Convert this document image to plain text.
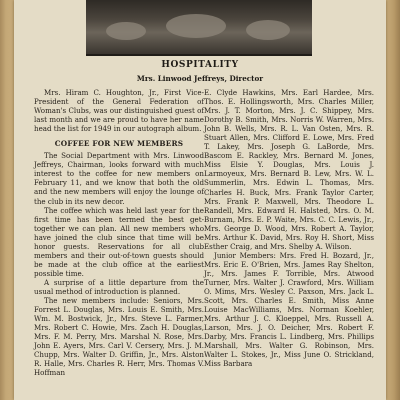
HOSPITALITY
Mrs. Linwood Jeffreys, Director

Mrs. Hiram C. Houghton, Jr., First Vice-President of the General Federation of Woman's Clubs, was our distinguished guest of last month and we are proud to have her name head the list for 1949 in our autograph album.

COFFEE FOR NEW MEMBERS

The Social Department with Mrs. Linwood Jeffreys, Chairman, looks forward with much interest to the coffee for new members on February 11, and we know that both the old and the new members will enjoy the lounge of the club in its new decor.

The coffee which was held last year for the first time has been termed the best get-together we can plan. All new members who have joined the club since that time will be honor guests. Reservations for all club members and their out-of-town guests should be made at the club office at the earliest possible time.

A surprise of a little departure from the usual method of introduction is planned.

The new members include: Seniors, Mrs. Forrest L. Douglas, Mrs. Louis E. Smith, Mrs. Wm. M. Bostwick, Jr., Mrs. Steve L. Farmer, Mrs. Robert C. Howie, Mrs. Zach H. Douglas, Mrs. F. M. Perry, Mrs. Marshal N. Rose, Mrs. John E. Ayers, Mrs. Carl V. Cersery, Mrs. J. M. Chupp, Mrs. Walter D. Griffin, Jr., Mrs. Alston R. Halle, Mrs. Charles R. Herr, Mrs. Thomas V. Hoffman

E. Clyde Hawkins, Mrs. Earl Hardee, Mrs. Thos. E. Hollingsworth, Mrs. Charles Miller, Mrs. J. T. Morton, Mrs. J. C. Shippey, Mrs. Dorothy B. Smith, Mrs. Norris W. Warren, Mrs. John B. Wells, Mrs. R. L. Van Osten, Mrs. R. Stuart Allen, Mrs. Clifford E. Lowe, Mrs. Fred T. Lakey, Mrs. Joseph G. LaBorde, Mrs. Bascom E. Rackley, Mrs. Bernard M. Jones, Miss Elsie Y. Douglas, Mrs. Louis J. Larmoyeux, Mrs. Bernard B. Lew, Mrs. W. L. Summerlin, Mrs. Edwin L. Thomas, Mrs. Charles H. Buck, Mrs. Frank Taylor Carter, Mrs. Frank P. Maxwell, Mrs. Theodore L. Randell, Mrs. Edward H. Halsted, Mrs. O. M. Burnam, Mrs. E. P. Waite, Mrs. C. C. Lewis, Jr., Mrs. George D. Wood, Mrs. Robert A. Taylor, Mrs. Arthur K. David, Mrs. Roy H. Short, Miss Esther Craig, and Mrs. Shelby A. Wilson.

Junior Members: Mrs. Fred H. Bozard, Jr., Mrs. Eric E. O'Brien, Mrs. James Ray Shelton, Jr., Mrs. James F. Torrible, Mrs. Atwood Turner, Mrs. Walter J. Crawford, Mrs. William O. Mims, Mrs. Wesley C. Paxson, Mrs. Jack L. Scott, Mrs. Charles E. Smith, Miss Anne Louise MacWilliams, Mrs. Norman Koehler, Mrs. Arthur J. C. Kloeppel, Mrs. Russell A. Larson, Mrs. J. O. Deicher, Mrs. Robert F. Darby, Mrs. Francis L. Lindberg, Mrs. Phillips Marshall, Mrs. Walter G. Robinson, Mrs. Walter L. Stokes, Jr., Miss June O. Strickland, Miss Barbara
